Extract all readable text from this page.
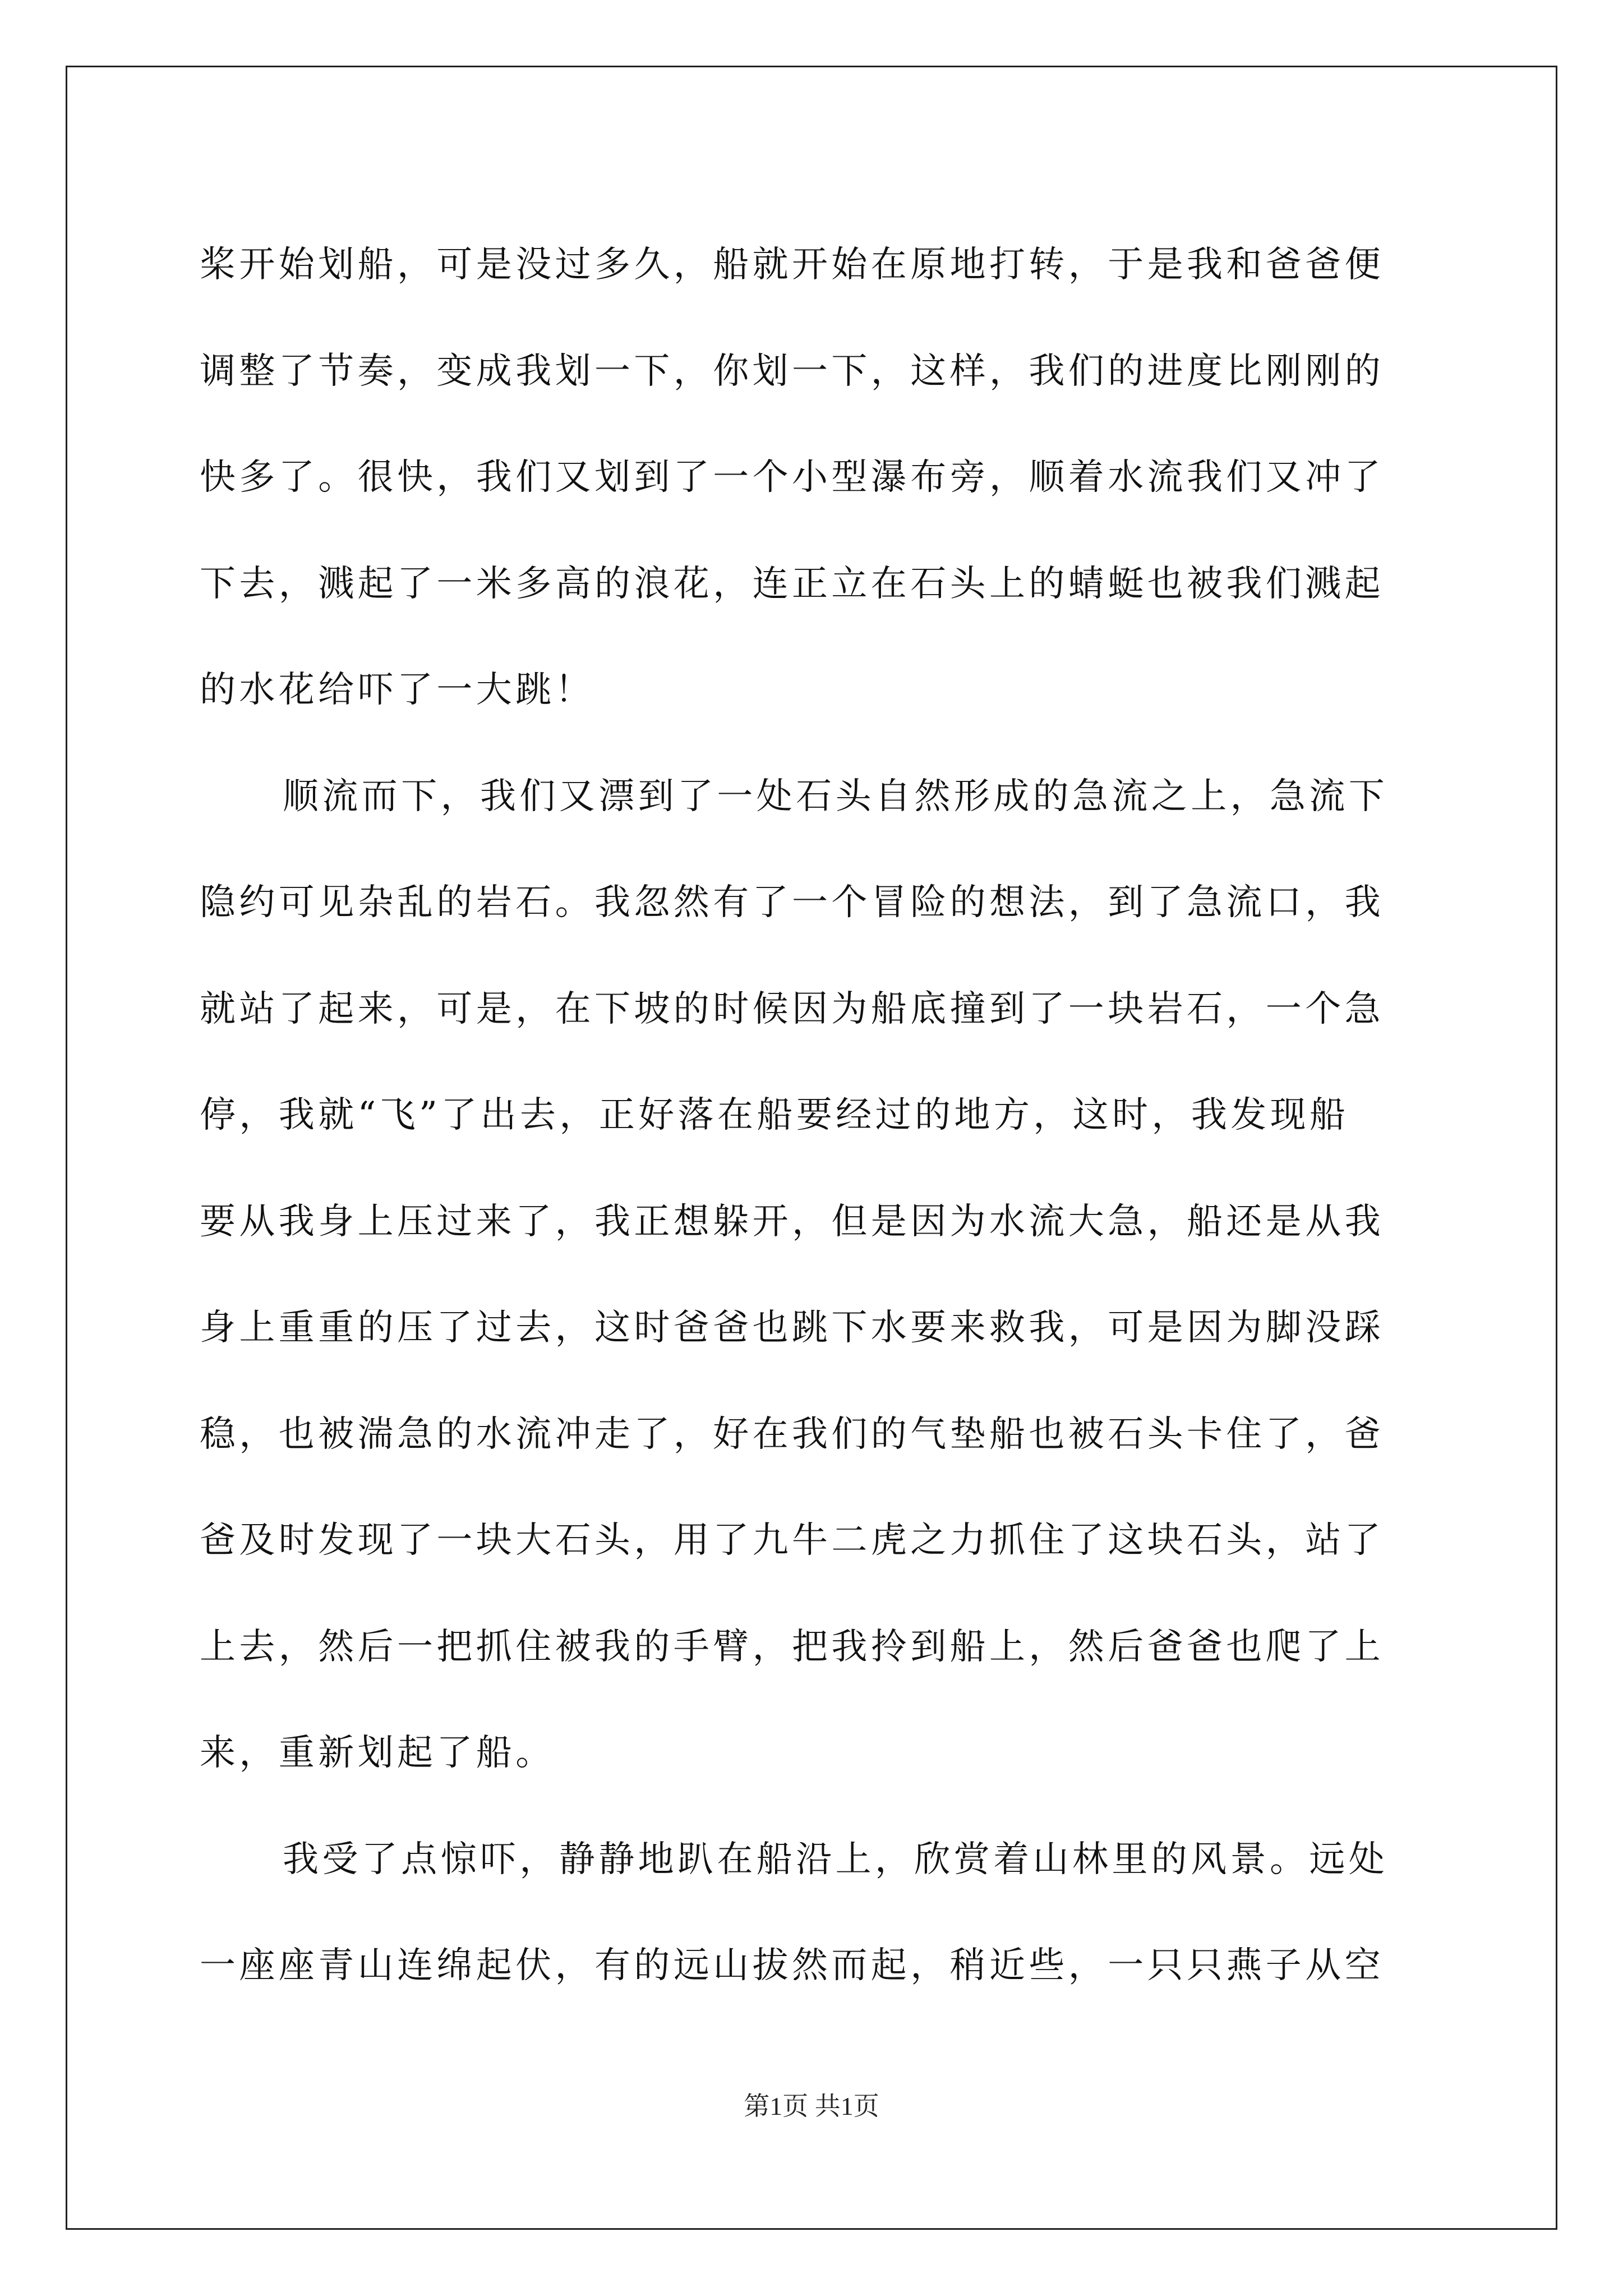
桨开始划船，可是没过多久，船就开始在原地打转，于是我和爸爸便
调整了节奏，变成我划一下，你划一下，这样，我们的进度比刚刚的
快多了。很快，我们又划到了一个小型瀑布旁，顺着水流我们又冲了
下去，溅起了一米多高的浪花，连正立在石头上的蜻蜓也被我们溅起
的水花给吓了一大跳！
顺流而下，我们又漂到了一处石头自然形成的急流之上，急流下
隐约可见杂乱的岩石。我忽然有了一个冒险的想法，到了急流口，我
就站了起来，可是，在下坡的时候因为船底撞到了一块岩石，一个急
停，我就“飞”了出去，正好落在船要经过的地方，这时，我发现船
要从我身上压过来了，我正想躲开，但是因为水流大急，船还是从我
身上重重的压了过去，这时爸爸也跳下水要来救我，可是因为脚没踩
稳，也被湍急的水流冲走了，好在我们的气垫船也被石头卡住了，爸
爸及时发现了一块大石头，用了九牛二虎之力抓住了这块石头，站了
上去，然后一把抓住被我的手臂，把我拎到船上，然后爸爸也爬了上
来，重新划起了船。
我受了点惊吓，静静地趴在船沿上，欣赏着山林里的风景。远处
一座座青山连绵起伏，有的远山拔然而起，稍近些，一只只燕子从空
第1页 共1页
